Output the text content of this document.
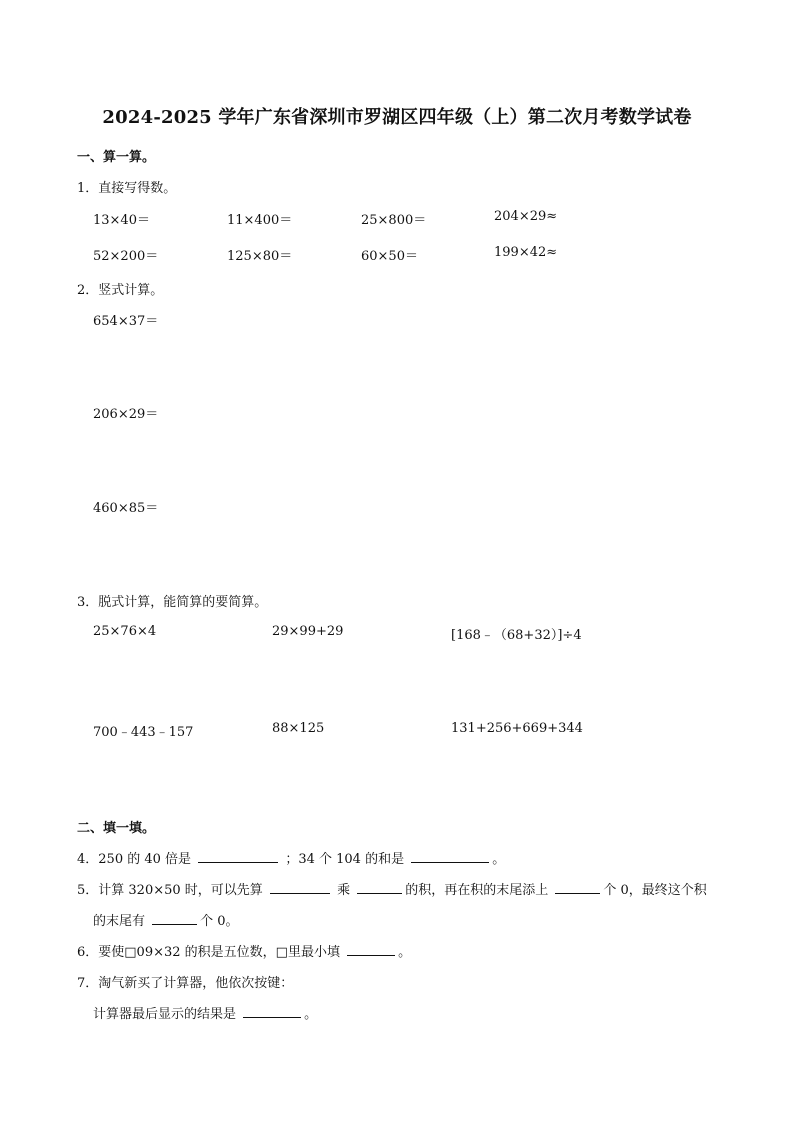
2024-2025 学年广东省深圳市罗湖区四年级（上）第二次月考数学试卷
一、算一算。
1．直接写得数。
13×40＝	11×400＝	25×800＝	204×29≈
52×200＝	125×80＝	60×50＝	199×42≈
2．竖式计算。
654×37＝
206×29＝
460×85＝
3．脱式计算，能简算的要简算。
25×76×4	29×99+29	[168﹣（68+32）]÷4
700﹣443﹣157	88×125	131+256+669+344
二、填一填。
4．250 的 40 倍是	；34 个 104 的和是	。
5．计算 320×50 时，可以先算	乘	的积，再在积的末尾添上	个 0，最终这个积
的末尾有	个 0。
6．要使□09×32 的积是五位数，□里最小填	。
7．淘气新买了计算器，他依次按键：
计算器最后显示的结果是	。
